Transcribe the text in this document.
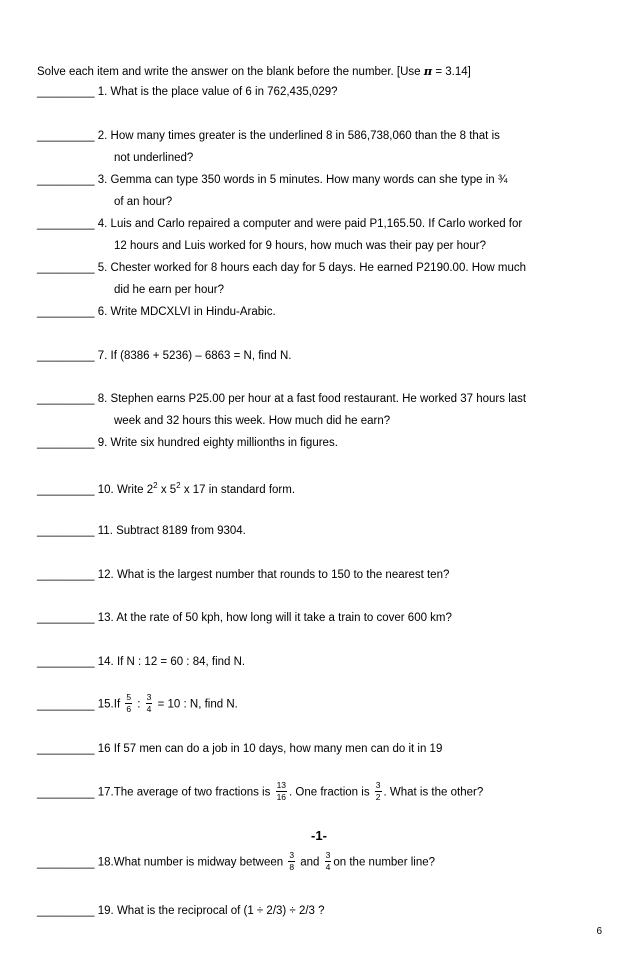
Solve each item and write the answer on the blank before the number. [Use π = 3.14]
_________ 1. What is the place value of 6 in 762,435,029?
_________ 2. How many times greater is the underlined 8 in 586,738,060 than the 8 that is
not underlined?
_________ 3. Gemma can type 350 words in 5 minutes. How many words can she type in ¾
of an hour?
_________ 4. Luis and Carlo repaired a computer and were paid P1,165.50. If Carlo worked for
12 hours and Luis worked for 9 hours, how much was their pay per hour?
_________ 5. Chester worked for 8 hours each day for 5 days. He earned P2190.00. How much
did he earn per hour?
_________ 6. Write MDCXLVI in Hindu-Arabic.
_________ 7. If (8386 + 5236) – 6863 = N, find N.
_________ 8. Stephen earns P25.00 per hour at a fast food restaurant. He worked 37 hours last
week and 32 hours this week. How much did he earn?
_________ 9. Write six hundred eighty millionths in figures.
_________ 10. Write $2^2$ x $5^2$ x 17 in standard form.
_________ 11. Subtract 8189 from 9304.
_________ 12. What is the largest number that rounds to 150 to the nearest ten?
_________ 13. At the rate of 50 kph, how long will it take a train to cover 600 km?
_________ 14. If N : 12 = 60 : 84, find N.
_________ $15.If \frac{5}{6}$ : $\frac{3}{4} = 10$ : N, find N.
_________ 16 If 57 men can do a job in 10 days, how many men can do it in 19
_________ 17.The average of two fractions is $\frac{13}{16}$ . One fraction is $\frac{3}{2}$ . What is the other?
-1-
_________ 18.What number is midway between $\frac{3}{8}$ and $\frac{3}{4}$ on the number line?
_________ 19. What is the reciprocal of (1 ÷ 2/3) ÷ 2/3 ?
6
